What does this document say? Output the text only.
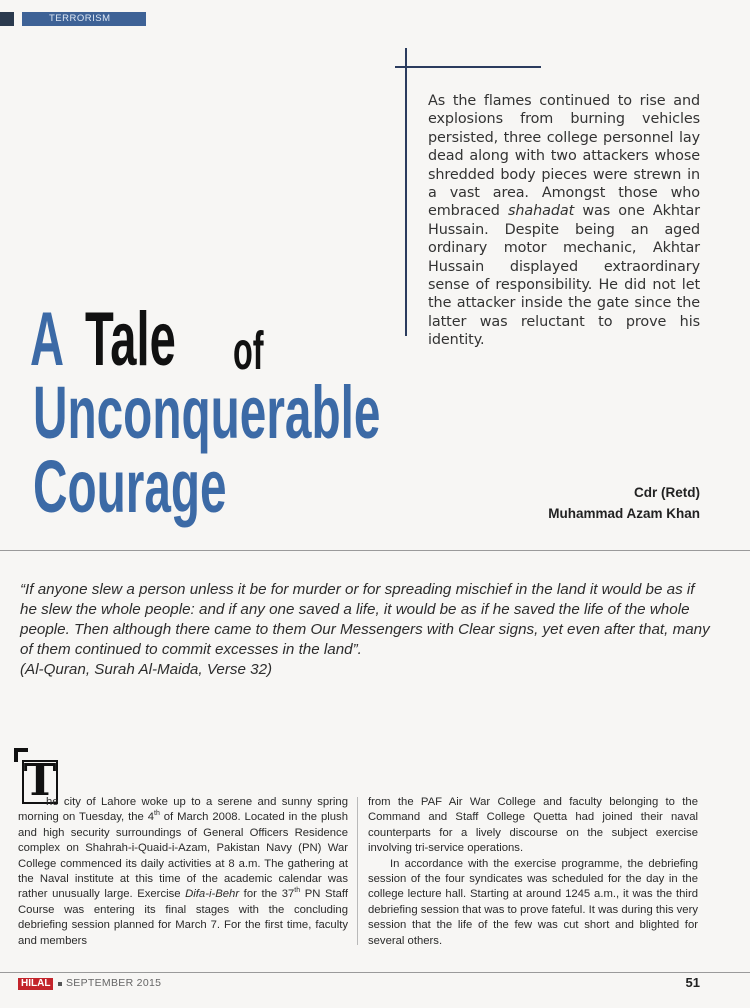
TERRORISM
As the flames continued to rise and explosions from burning vehicles persisted, three college personnel lay dead along with two attackers whose shredded body pieces were strewn in a vast area. Amongst those who embraced shahadat was one Akhtar Hussain. Despite being an aged ordinary motor mechanic, Akhtar Hussain displayed extraordinary sense of responsibility. He did not let the attacker inside the gate since the latter was reluctant to prove his identity.
A Tale of
Unconquerable
Courage	Cdr (Retd)
Muhammad Azam Khan
“If anyone slew a person unless it be for murder or for spreading mischief in the land it would be as if he slew the whole people: and if any one saved a life, it would be as if he saved the life of the whole people. Then although there came to them Our Messengers with Clear signs, yet even after that, many of them continued to commit excesses in the land”.
(Al-Quran, Surah Al-Maida, Verse 32)
T
he city of Lahore woke up to a serene and sunny spring morning on Tuesday, the 4th of March 2008. Located in the plush and high security surroundings of General Officers Residence complex on Shahrah-i-Quaid-i-Azam, Pakistan Navy (PN) War College commenced its daily activities at 8 a.m. The gathering at the Naval institute at this time of the academic calendar was rather unusually large. Exercise Difa-i-Behr for the 37th PN Staff Course was entering its final stages with the concluding debriefing session planned for March 7. For the first time, faculty and members
from the PAF Air War College and faculty belonging to the Command and Staff College Quetta had joined their naval counterparts for a lively discourse on the subject exercise involving tri-service operations.
In accordance with the exercise programme, the debriefing session of the four syndicates was scheduled for the day in the college lecture hall. Starting at around 1245 a.m., it was the third debriefing session that was to prove fateful. It was during this very session that the life of the few was cut short and blighted for several others.
HILAL SEPTEMBER 2015	51
